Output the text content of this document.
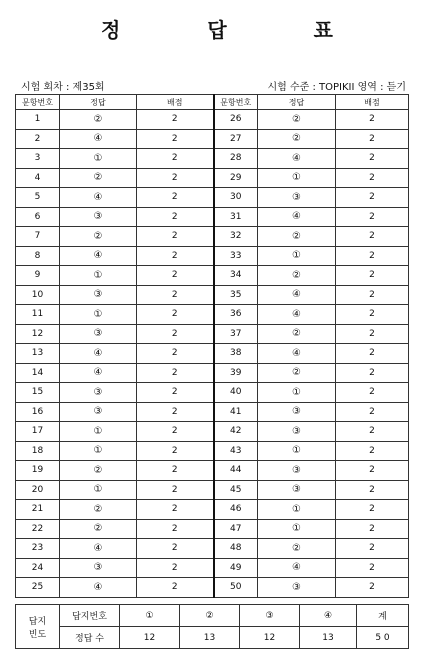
정 답 표
시험 회차 : 제35회	시험 수준 : TOPIKII 영역 : 듣기
문항번호	정답	배점	문항번호	정답	배점
1	②	2	26	②	2
2	④	2	27	②	2
3	①	2	28	④	2
4	②	2	29	①	2
5	④	2	30	③	2
6	③	2	31	④	2
7	②	2	32	②	2
8	④	2	33	①	2
9	①	2	34	②	2
10	③	2	35	④	2
11	①	2	36	④	2
12	③	2	37	②	2
13	④	2	38	④	2
14	④	2	39	②	2
15	③	2	40	①	2
16	③	2	41	③	2
17	①	2	42	③	2
18	①	2	43	①	2
19	②	2	44	③	2
20	①	2	45	③	2
21	②	2	46	①	2
22	②	2	47	①	2
23	④	2	48	②	2
24	③	2	49	④	2
25	④	2	50	③	2
답지
빈도	답지번호	①	②	③	④	계
	정답 수	12	13	12	13	5 0
